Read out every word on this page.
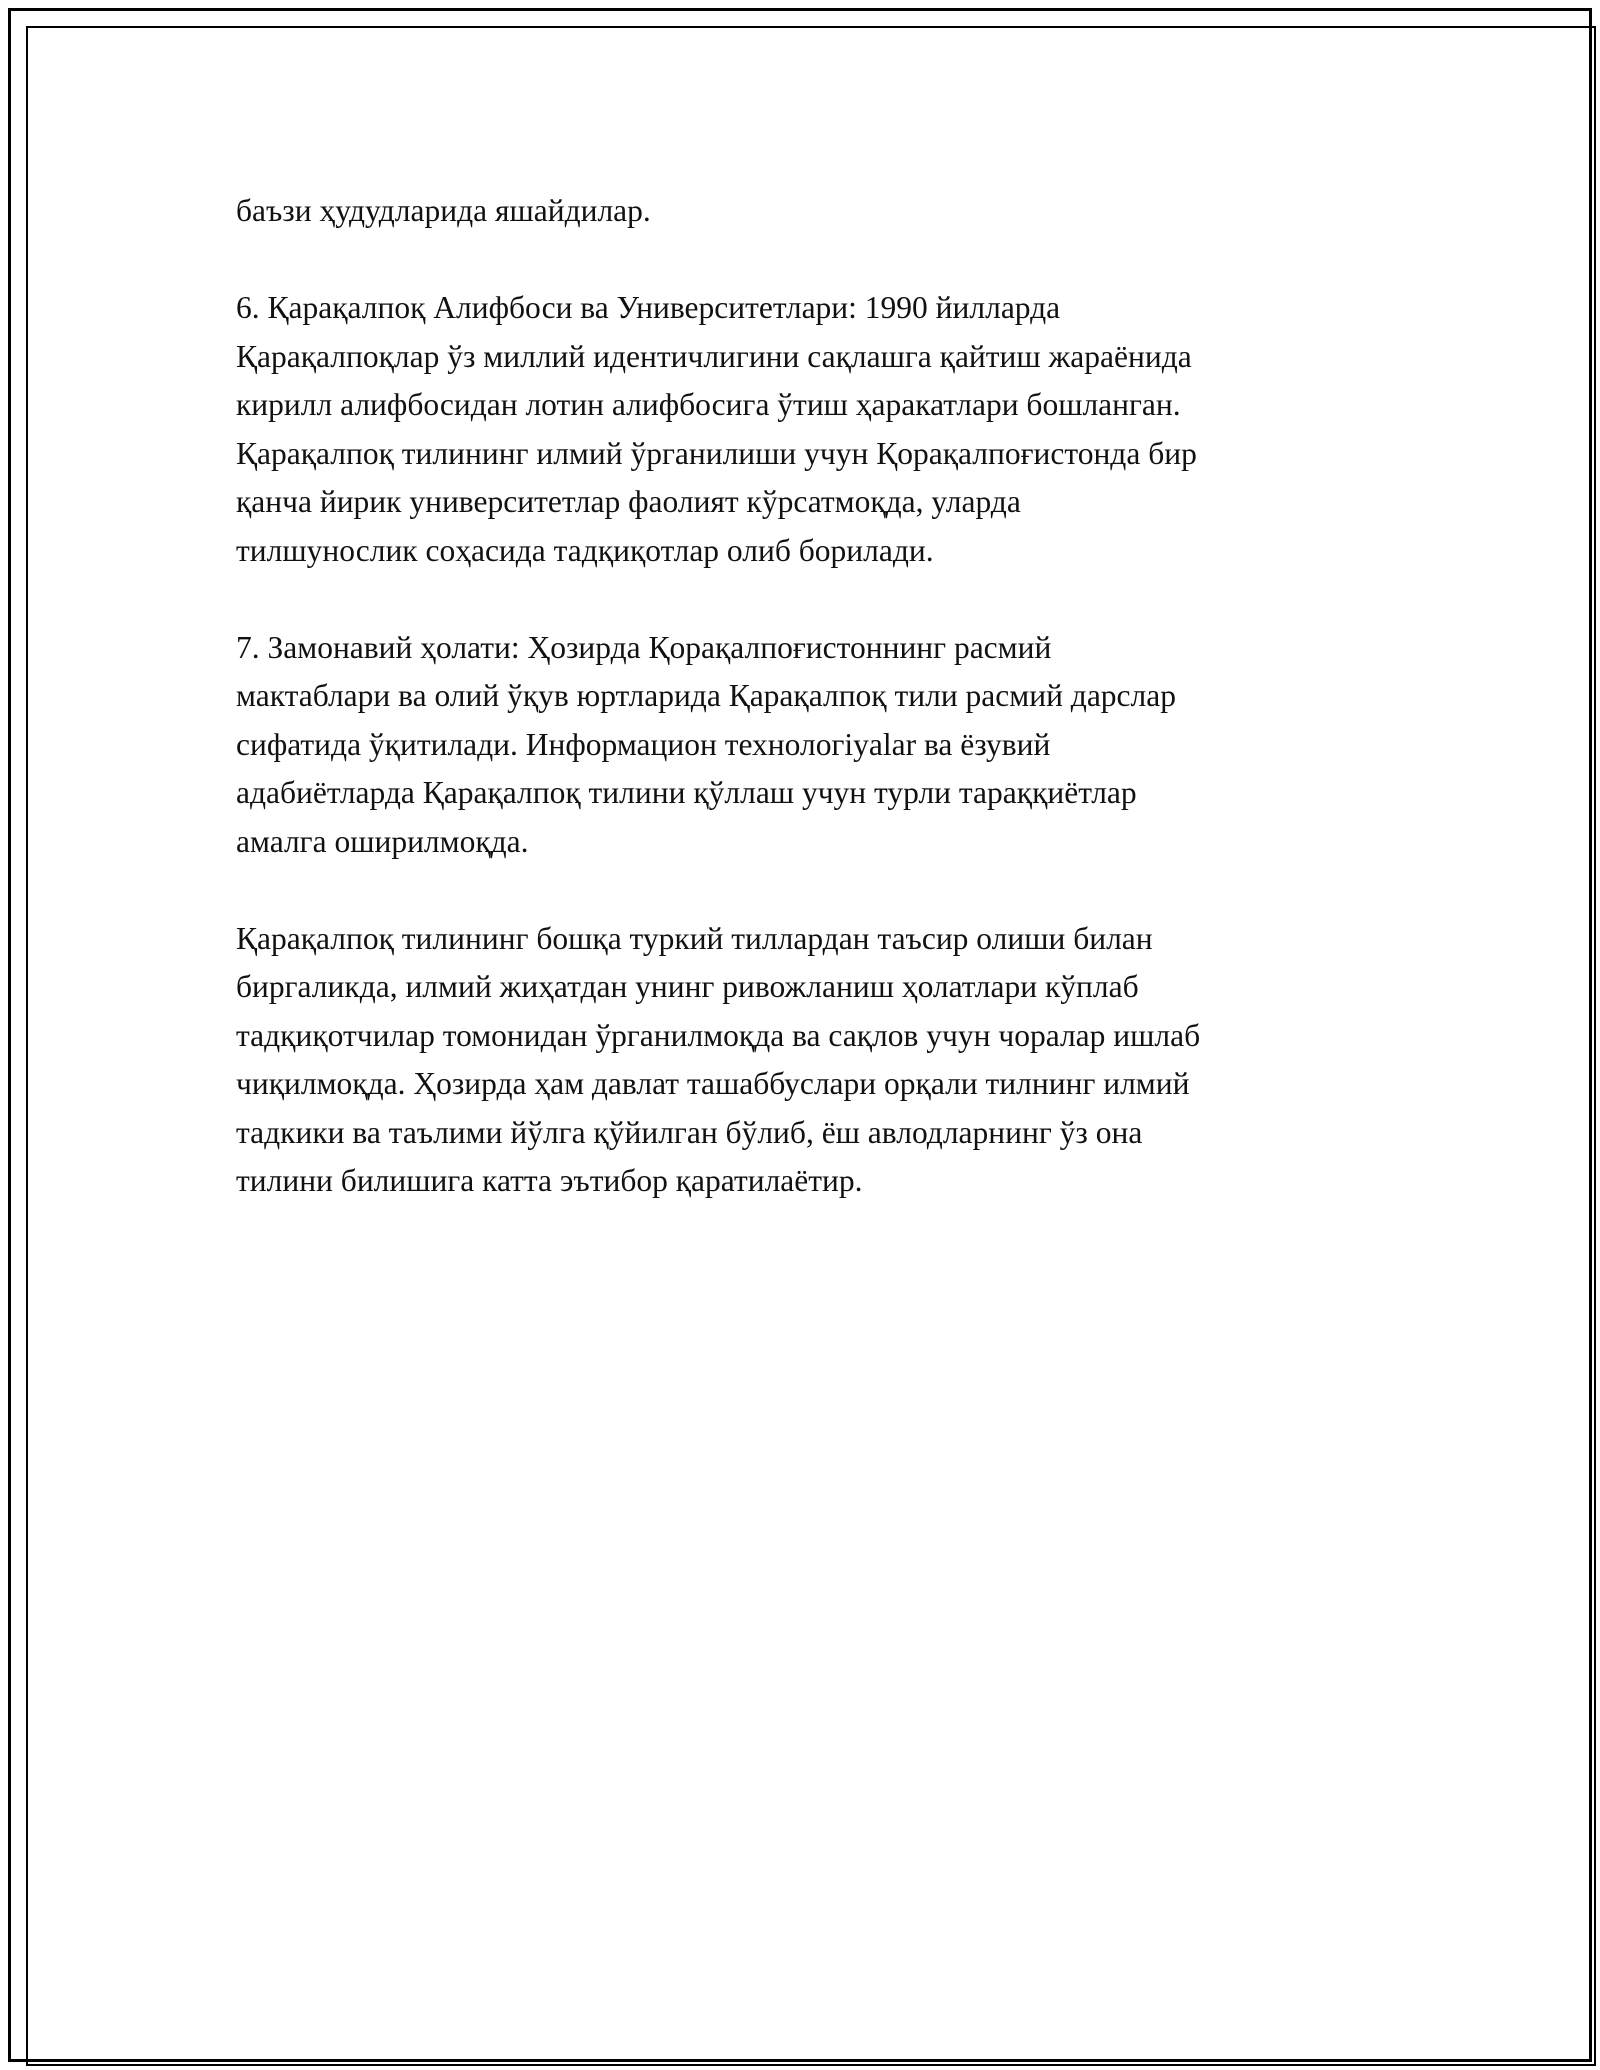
баъзи ҳудудларида яшайдилар.

6. Қарақалпоқ Алифбоси ва Университетлари: 1990 йилларда
Қарақалпоқлар ўз миллий идентичлигини сақлашга қайтиш жараёнида
кирилл алифбосидан лотин алифбосига ўтиш ҳаракатлари бошланган.
Қарақалпоқ тилининг илмий ўрганилиши учун Қорақалпоғистонда бир
қанча йирик университетлар фаолият кўрсатмоқда, уларда
тилшунослик соҳасида тадқиқотлар олиб борилади.

7. Замонавий ҳолати: Ҳозирда Қорақалпоғистоннинг расмий
мактаблари ва олий ўқув юртларида Қарақалпоқ тили расмий дарслар
сифатида ўқитилади. Информацион технологiyalar ва ёзувий
адабиётларда Қарақалпоқ тилини қўллаш учун турли тараққиётлар
амалга оширилмоқда.

Қарақалпоқ тилининг бошқа туркий тиллардан таъсир олиши билан
биргаликда, илмий жиҳатдан унинг ривожланиш ҳолатлари кўплаб
тадқиқотчилар томонидан ўрганилмоқда ва сақлов учун чоралар ишлаб
чиқилмоқда. Ҳозирда ҳам давлат ташаббуслари орқали тилнинг илмий
тадкики ва таълими йўлга қўйилган бўлиб, ёш авлодларнинг ўз она
тилини билишига катта эътибор қаратилаётир.
